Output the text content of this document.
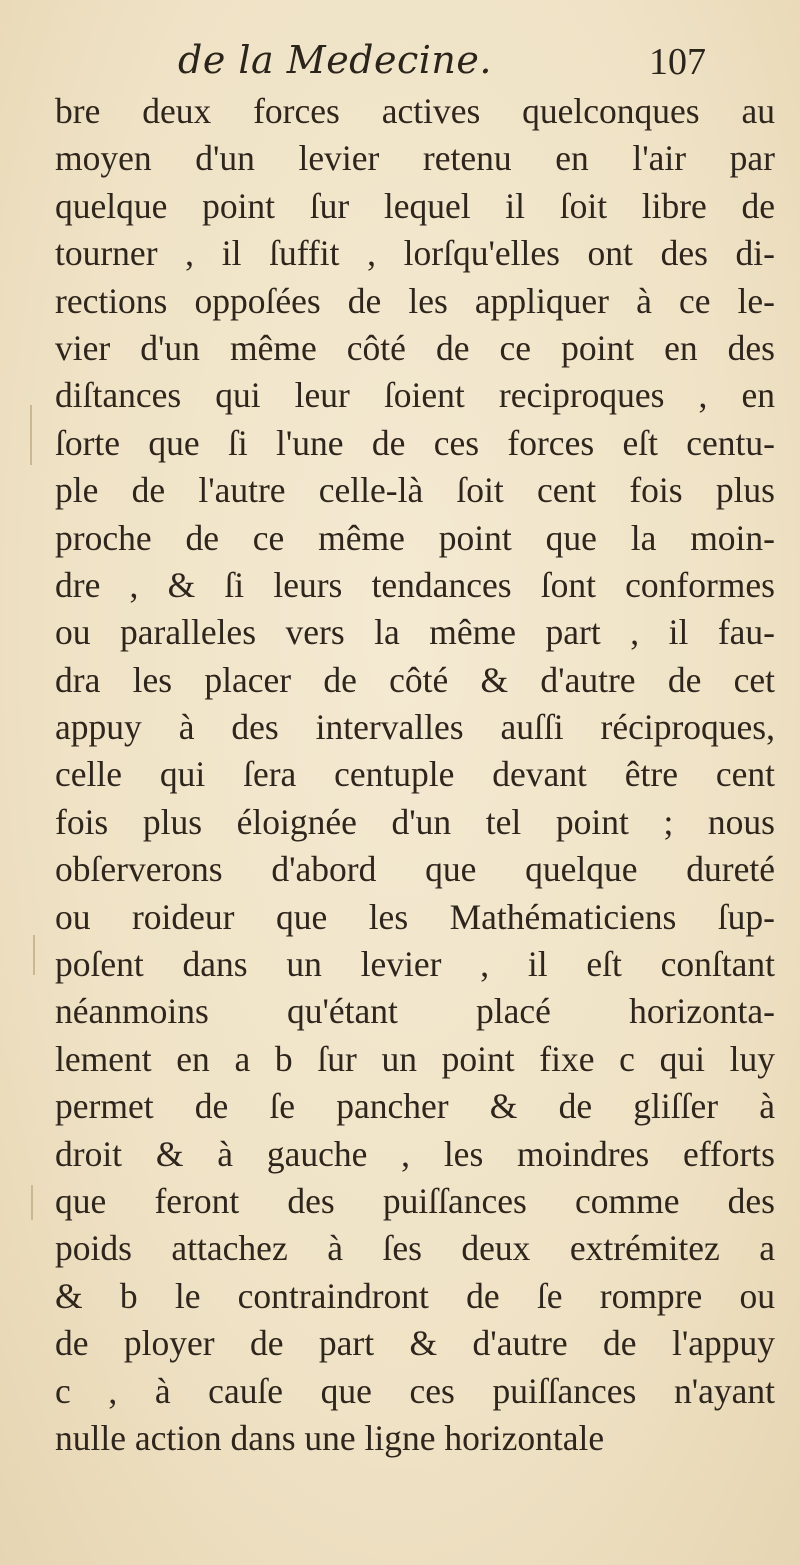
de la Medecine.	107
bre deux forces actives quelconques au
moyen d'un levier retenu en l'air par
quelque point ſur lequel il ſoit libre de
tourner , il ſuffit , lorſqu'elles ont des di-
rections oppoſées de les appliquer à ce le-
vier d'un même côté de ce point en des
diſtances qui leur ſoient reciproques , en
ſorte que ſi l'une de ces forces eſt centu-
ple de l'autre celle-là ſoit cent fois plus
proche de ce même point que la moin-
dre , & ſi leurs tendances ſont conformes
ou paralleles vers la même part , il fau-
dra les placer de côté & d'autre de cet
appuy à des intervalles auſſi réciproques,
celle qui ſera centuple devant être cent
fois plus éloignée d'un tel point ; nous
obſerverons d'abord que quelque dureté
ou roideur que les Mathématiciens ſup-
poſent dans un levier , il eſt conſtant
néanmoins qu'étant placé horizonta-
lement en a b ſur un point fixe c qui luy
permet de ſe pancher & de gliſſer à
droit & à gauche , les moindres efforts
que feront des puiſſances comme des
poids attachez à ſes deux extrémitez a
& b le contraindront de ſe rompre ou
de ployer de part & d'autre de l'appuy
c , à cauſe que ces puiſſances n'ayant
nulle action dans une ligne horizontale
